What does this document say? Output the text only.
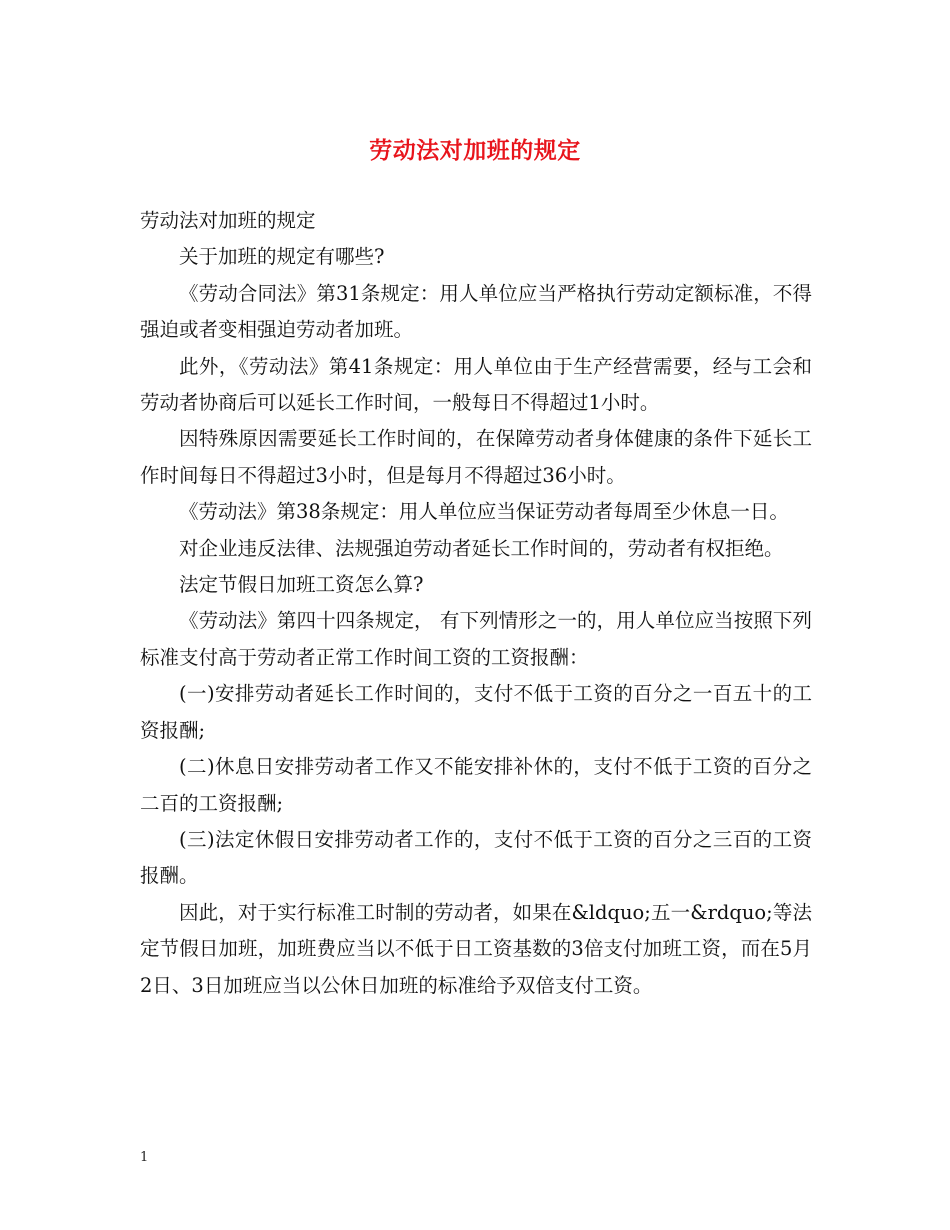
劳动法对加班的规定

劳动法对加班的规定

关于加班的规定有哪些?

《劳动合同法》第31条规定：用人单位应当严格执行劳动定额标准，不得强迫或者变相强迫劳动者加班。

此外，《劳动法》第41条规定：用人单位由于生产经营需要，经与工会和劳动者协商后可以延长工作时间，一般每日不得超过1小时。

因特殊原因需要延长工作时间的，在保障劳动者身体健康的条件下延长工作时间每日不得超过3小时，但是每月不得超过36小时。

《劳动法》第38条规定：用人单位应当保证劳动者每周至少休息一日。

对企业违反法律、法规强迫劳动者延长工作时间的，劳动者有权拒绝。

法定节假日加班工资怎么算?

《劳动法》第四十四条规定， 有下列情形之一的，用人单位应当按照下列标准支付高于劳动者正常工作时间工资的工资报酬：

(一)安排劳动者延长工作时间的，支付不低于工资的百分之一百五十的工资报酬;

(二)休息日安排劳动者工作又不能安排补休的，支付不低于工资的百分之二百的工资报酬;

(三)法定休假日安排劳动者工作的，支付不低于工资的百分之三百的工资报酬。

因此，对于实行标准工时制的劳动者，如果在&ldquo;五一&rdquo;等法定节假日加班，加班费应当以不低于日工资基数的3倍支付加班工资，而在5月2日、3日加班应当以公休日加班的标准给予双倍支付工资。

1
